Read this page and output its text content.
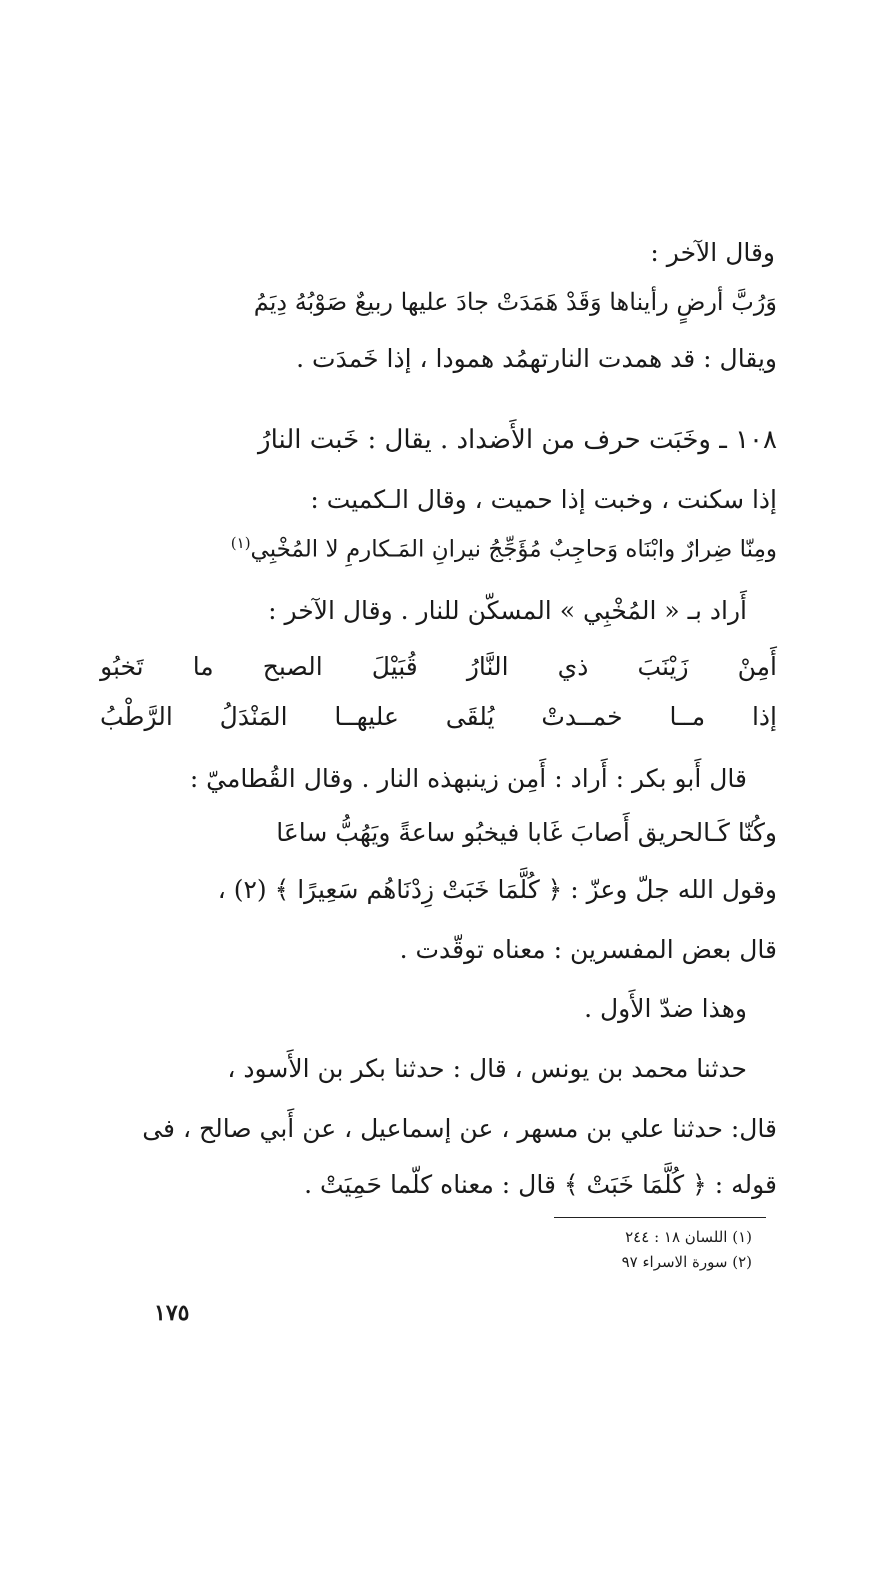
وقال الآخر :
وَرُبَّ أرضٍ رأيناها وَقَدْ هَمَدَتْ جادَ عليها ربيعٌ صَوْبُهُ دِيَمُ
ويقال : قد همدت النارتهمُد همودا ، إذا خَمدَت .
١٠٨ ـ وخَبَت حرف من الأَضداد . يقال : خَبت النارُ
إذا سكنت ، وخبت إذا حميت ، وقال الـكميت :
ومِنّا ضِرارٌ وابْنَاه وَحاجِبٌ مُؤَجِّجُ نيرانِ المَـكارمِ لا المُخْبِي$^{(١)}$
أَراد بـ « المُخْبِي » المسكّن للنار . وقال الآخر :
أَمِنْ
زَيْنَبَ
ذي
النَّارُ
قُبَيْلَ
الصبح
ما
تَخبُو
إذا
مــا
خمــدتْ
يُلقَى
عليهــا
المَنْدَلُ
الرَّطْبُ
قال أَبو بكر : أَراد : أَمِن زينبهذه النار . وقال القُطاميّ :
وكُنّا كَـالحريق أَصابَ غَابا فيخبُو ساعةً ويَهُبُّ ساعَا
وقول الله جلّ وعزّ : ﴿ كُلَّمَا خَبَتْ زِدْنَاهُم سَعِيرًا ﴾ (٢) ،
قال بعض المفسرين : معناه توقّدت .
وهذا ضدّ الأَول .
حدثنا محمد بن يونس ، قال : حدثنا بكر بن الأَسود ،
قال: حدثنا علي بن مسهر ، عن إسماعيل ، عن أَبي صالح ، فى
قوله : ﴿ كُلَّمَا خَبَتْ ﴾ قال : معناه كلّما حَمِيَتْ .
(١) اللسان ١٨ : ٢٤٤
(٢) سورة الاسراء ٩٧
١٧٥
